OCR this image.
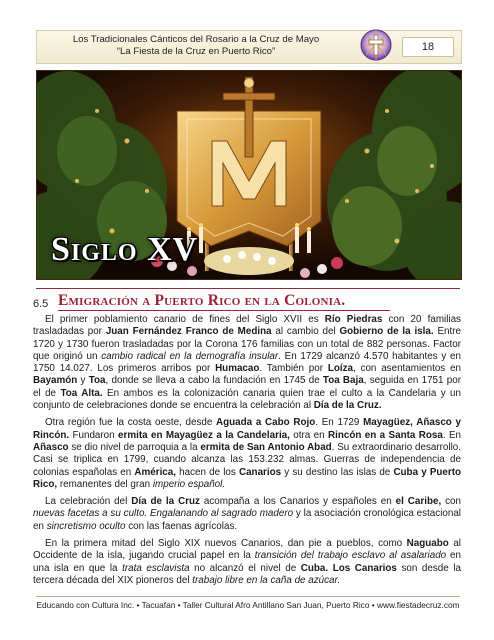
Los Tradicionales Cánticos del Rosario a la Cruz de Mayo
“La Fiesta de la Cruz en Puerto Rico”	18
Siglo XV
6.5 Emigración a Puerto Rico en la Colonia.

El primer poblamiento canario de fines del Siglo XVII es Río Piedras con 20 familias trasladadas por Juan Fernández Franco de Medina al cambio del Gobierno de la isla. Entre 1720 y 1730 fueron trasladadas por la Corona 176 familias con un total de 882 personas. Factor que originó un cambio radical en la demografía insular. En 1729 alcanzó 4.570 habitantes y en 1750 14.027. Los primeros arribos por Humacao. También por Loíza, con asentamientos en Bayamón y Toa, donde se lleva a cabo la fundación en 1745 de Toa Baja, seguida en 1751 por el de Toa Alta. En ambos es la colonización canaria quien trae el culto a la Candelaria y un conjunto de celebraciones donde se encuentra la celebración al Día de la Cruz.

Otra región fue la costa oeste, desde Aguada a Cabo Rojo. En 1729 Mayagüez, Añasco y Rincón. Fundaron ermita en Mayagüez a la Candelaria, otra en Rincón en a Santa Rosa. En Añasco se dio nivel de parroquia a la ermita de San Antonio Abad. Su extraordinario desarrollo. Casi se triplica en 1799, cuando alcanza las 153.232 almas. Guerras de independencia de colonias españolas en América, hacen de los Canarios y su destino las islas de Cuba y Puerto Rico, remanentes del gran imperio español.

La celebración del Día de la Cruz acompaña a los Canarios y españoles en el Caribe, con nuevas facetas a su culto. Engalanando al sagrado madero y la asociación cronológica estacional en sincretismo oculto con las faenas agrícolas.

En la primera mitad del Siglo XIX nuevos Canarios, dan pie a pueblos, como Naguabo al Occidente de la isla, jugando crucial papel en la transición del trabajo esclavo al asalariado en una isla en que la trata esclavista no alcanzó el nivel de Cuba. Los Canarios son desde la tercera década del XIX pioneros del trabajo libre en la caña de azúcar.

Educando con Cultura Inc. • Tacuafan • Taller Cultural Afro Antillano San Juan, Puerto Rico • www.fiestadecruz.com
